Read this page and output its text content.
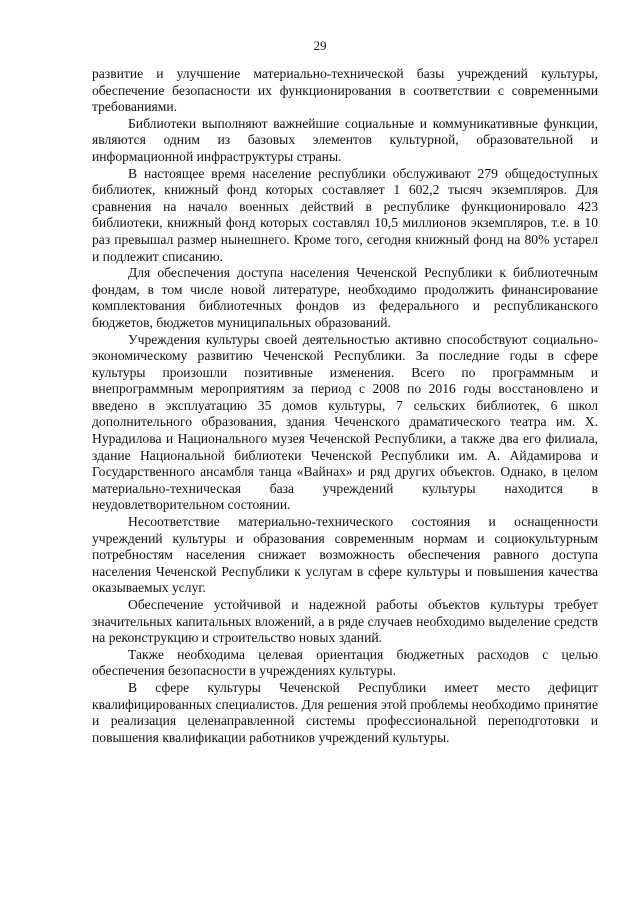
29

развитие и улучшение материально-технической базы учреждений культуры, обеспечение безопасности их функционирования в соответствии с современными требованиями.

Библиотеки выполняют важнейшие социальные и коммуникативные функции, являются одним из базовых элементов культурной, образовательной и информационной инфраструктуры страны.

В настоящее время население республики обслуживают 279 общедоступных библиотек, книжный фонд которых составляет 1 602,2 тысяч экземпляров. Для сравнения на начало военных действий в республике функционировало 423 библиотеки, книжный фонд которых составлял 10,5 миллионов экземпляров, т.е. в 10 раз превышал размер нынешнего. Кроме того, сегодня книжный фонд на 80% устарел и подлежит списанию.

Для обеспечения доступа населения Чеченской Республики к библиотечным фондам, в том числе новой литературе, необходимо продолжить финансирование комплектования библиотечных фондов из федерального и республиканского бюджетов, бюджетов муниципальных образований.

Учреждения культуры своей деятельностью активно способствуют социально-экономическому развитию Чеченской Республики. За последние годы в сфере культуры произошли позитивные изменения. Всего по программным и внепрограммным мероприятиям за период с 2008 по 2016 годы восстановлено и введено в эксплуатацию 35 домов культуры, 7 сельских библиотек, 6 школ дополнительного образования, здания Чеченского драматического театра им. Х. Нурадилова и Национального музея Чеченской Республики, а также два его филиала, здание Национальной библиотеки Чеченской Республики им. А. Айдамирова и Государственного ансамбля танца «Вайнах» и ряд других объектов. Однако, в целом материально-техническая база учреждений культуры находится в неудовлетворительном состоянии.

Несоответствие материально-технического состояния и оснащенности учреждений культуры и образования современным нормам и социокультурным потребностям населения снижает возможность обеспечения равного доступа населения Чеченской Республики к услугам в сфере культуры и повышения качества оказываемых услуг.

Обеспечение устойчивой и надежной работы объектов культуры требует значительных капитальных вложений, а в ряде случаев необходимо выделение средств на реконструкцию и строительство новых зданий.

Также необходима целевая ориентация бюджетных расходов с целью обеспечения безопасности в учреждениях культуры.

В сфере культуры Чеченской Республики имеет место дефицит квалифицированных специалистов. Для решения этой проблемы необходимо принятие и реализация целенаправленной системы профессиональной переподготовки и повышения квалификации работников учреждений культуры.
